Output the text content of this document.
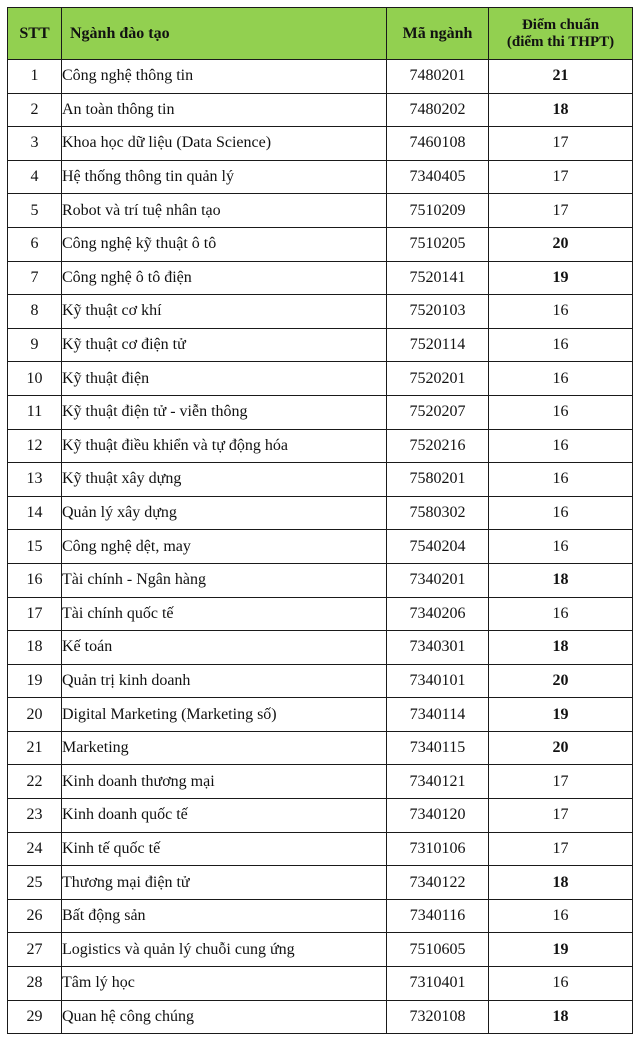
STT	Ngành đào tạo	Mã ngành	Điểm chuẩn
(điểm thi THPT)

1	Công nghệ thông tin	7480201	21
2	An toàn thông tin	7480202	18
3	Khoa học dữ liệu (Data Science)	7460108	17
4	Hệ thống thông tin quản lý	7340405	17
5	Robot và trí tuệ nhân tạo	7510209	17
6	Công nghệ kỹ thuật ô tô	7510205	20
7	Công nghệ ô tô điện	7520141	19
8	Kỹ thuật cơ khí	7520103	16
9	Kỹ thuật cơ điện tử	7520114	16
10	Kỹ thuật điện	7520201	16
11	Kỹ thuật điện tử - viễn thông	7520207	16
12	Kỹ thuật điều khiển và tự động hóa	7520216	16
13	Kỹ thuật xây dựng	7580201	16
14	Quản lý xây dựng	7580302	16
15	Công nghệ dệt, may	7540204	16
16	Tài chính - Ngân hàng	7340201	18
17	Tài chính quốc tế	7340206	16
18	Kế toán	7340301	18
19	Quản trị kinh doanh	7340101	20
20	Digital Marketing (Marketing số)	7340114	19
21	Marketing	7340115	20
22	Kinh doanh thương mại	7340121	17
23	Kinh doanh quốc tế	7340120	17
24	Kinh tế quốc tế	7310106	17
25	Thương mại điện tử	7340122	18
26	Bất động sản	7340116	16
27	Logistics và quản lý chuỗi cung ứng	7510605	19
28	Tâm lý học	7310401	16
29	Quan hệ công chúng	7320108	18
